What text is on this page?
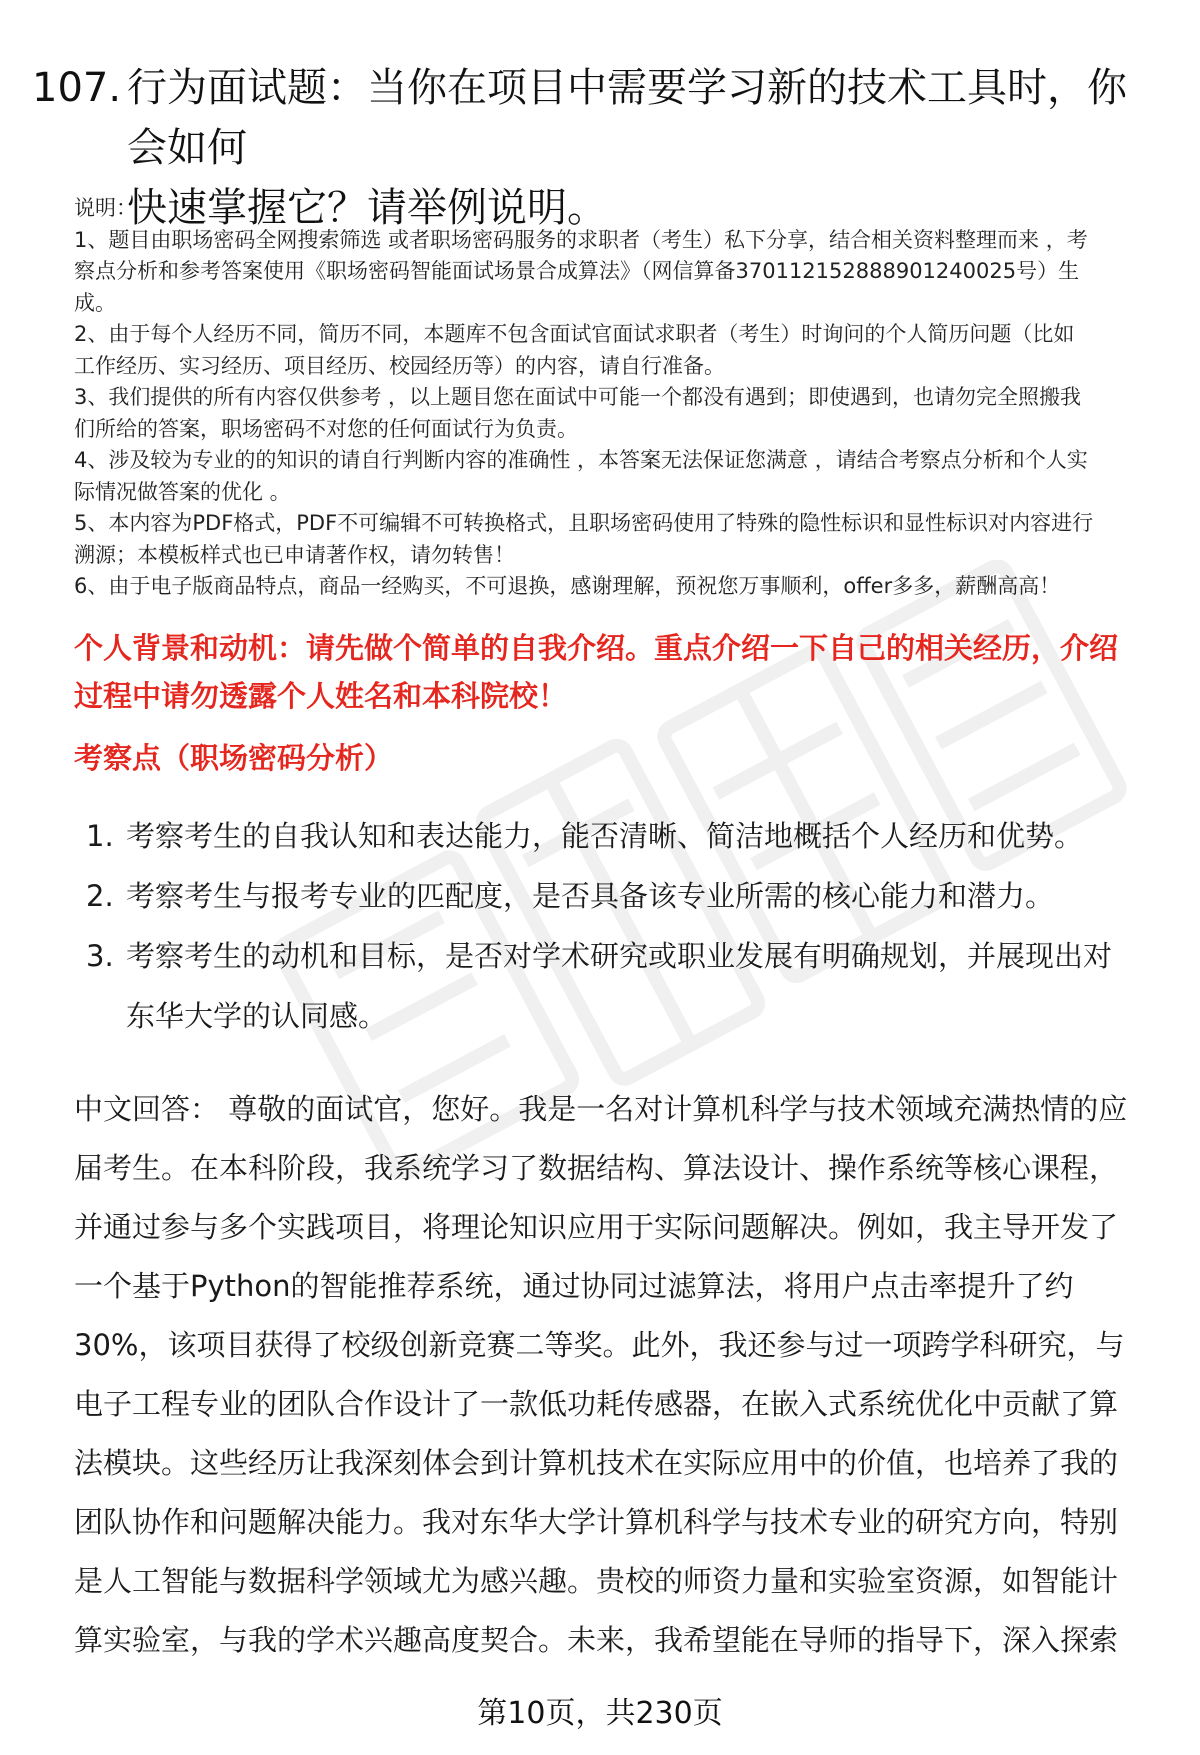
107. 行为面试题：当你在项目中需要学习新的技术工具时，你会如何
快速掌握它？请举例说明。
说明：
1、题目由职场密码全网搜索筛选 或者职场密码服务的求职者（考生）私下分享，结合相关资料整理而来 ，考
察点分析和参考答案使用《职场密码智能面试场景合成算法》（网信算备370112152888901240025号）生
成。
2、由于每个人经历不同，简历不同，本题库不包含面试官面试求职者（考生）时询问的个人简历问题（比如
工作经历、实习经历、项目经历、校园经历等）的内容，请自行准备。
3、我们提供的所有内容仅供参考 ，以上题目您在面试中可能一个都没有遇到；即使遇到，也请勿完全照搬我
们所给的答案，职场密码不对您的任何面试行为负责。
4、涉及较为专业的的知识的请自行判断内容的准确性 ，本答案无法保证您满意 ，请结合考察点分析和个人实
际情况做答案的优化 。
5、本内容为PDF格式，PDF不可编辑不可转换格式，且职场密码使用了特殊的隐性标识和显性标识对内容进行
溯源；本模板样式也已申请著作权，请勿转售！
6、由于电子版商品特点，商品一经购买，不可退换，感谢理解，预祝您万事顺利，offer多多，薪酬高高！
个人背景和动机：请先做个简单的自我介绍。重点介绍一下自己的相关经历，介绍
过程中请勿透露个人姓名和本科院校！
考察点（职场密码分析）
1. 考察考生的自我认知和表达能力，能否清晰、简洁地概括个人经历和优势。
2. 考察考生与报考专业的匹配度，是否具备该专业所需的核心能力和潜力。
3. 考察考生的动机和目标，是否对学术研究或职业发展有明确规划，并展现出对
东华大学的认同感。
中文回答： 尊敬的面试官，您好。我是一名对计算机科学与技术领域充满热情的应
届考生。在本科阶段，我系统学习了数据结构、算法设计、操作系统等核心课程，
并通过参与多个实践项目，将理论知识应用于实际问题解决。例如，我主导开发了
一个基于Python的智能推荐系统，通过协同过滤算法，将用户点击率提升了约
30%，该项目获得了校级创新竞赛二等奖。此外，我还参与过一项跨学科研究，与
电子工程专业的团队合作设计了一款低功耗传感器，在嵌入式系统优化中贡献了算
法模块。这些经历让我深刻体会到计算机技术在实际应用中的价值，也培养了我的
团队协作和问题解决能力。我对东华大学计算机科学与技术专业的研究方向，特别
是人工智能与数据科学领域尤为感兴趣。贵校的师资力量和实验室资源，如智能计
算实验室，与我的学术兴趣高度契合。未来，我希望能在导师的指导下，深入探索
第10页，共230页
